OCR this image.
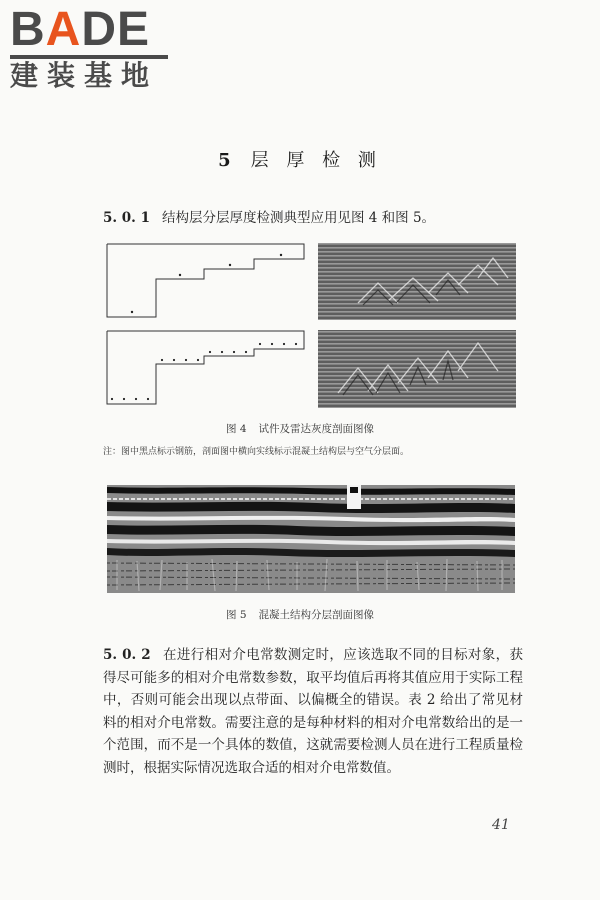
BADE
建装基地
5 层 厚 检 测
5. 0. 1 结构层分层厚度检测典型应用见图 4 和图 5。
图 4 试件及雷达灰度剖面图像
注：图中黑点标示钢筋，剖面图中横向实线标示混凝土结构层与空气分层面。
图 5 混凝土结构分层剖面图像
5. 0. 2 在进行相对介电常数测定时，应该选取不同的目标对象，获得尽可能多的相对介电常数参数，取平均值后再将其值应用于实际工程中，否则可能会出现以点带面、以偏概全的错误。表 2 给出了常见材料的相对介电常数。需要注意的是每种材料的相对介电常数给出的是一个范围，而不是一个具体的数值，这就需要检测人员在进行工程质量检测时，根据实际情况选取合适的相对介电常数值。
41
